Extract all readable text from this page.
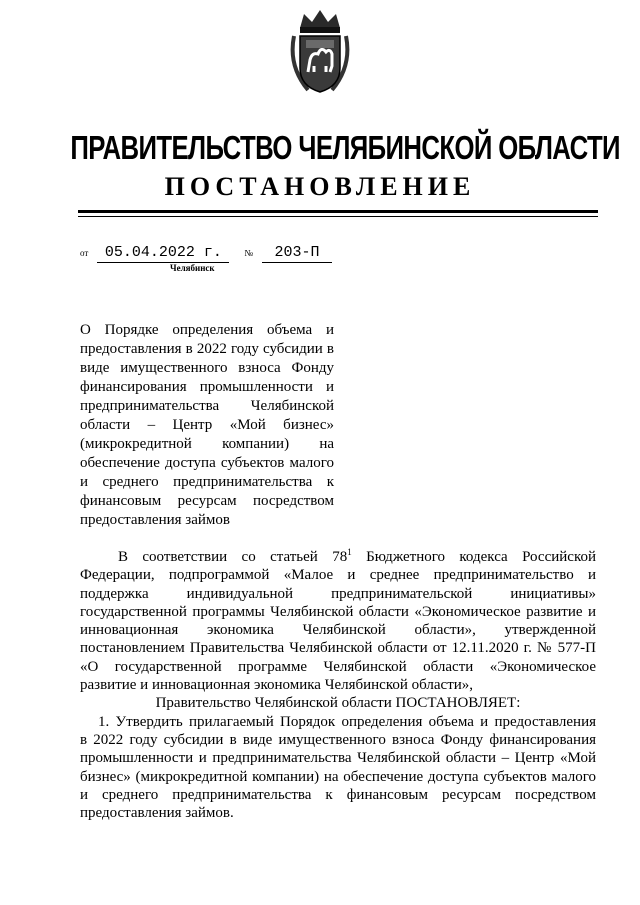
ПРАВИТЕЛЬСТВО ЧЕЛЯБИНСКОЙ ОБЛАСТИ
ПОСТАНОВЛЕНИЕ
от 05.04.2022 г.	№ 203-П
Челябинск
О Порядке определения объема и
предоставления в 2022 году субсидии в
виде имущественного взноса Фонду
финансирования промышленности и
предпринимательства Челябинской
области – Центр «Мой бизнес»
(микрокредитной компании) на
обеспечение доступа субъектов малого
и среднего предпринимательства к
финансовым ресурсам посредством
предоставления займов
В соответствии со статьей $78^1$ Бюджетного кодекса Российской
Федерации, подпрограммой «Малое и среднее предпринимательство и
поддержка индивидуальной предпринимательской инициативы»
государственной программы Челябинской области «Экономическое развитие и
инновационная экономика Челябинской области», утвержденной
постановлением Правительства Челябинской области от 12.11.2020 г. № 577-П
«О государственной программе Челябинской области «Экономическое
развитие и инновационная экономика Челябинской области»,
Правительство Челябинской области ПОСТАНОВЛЯЕТ:
1. Утвердить прилагаемый Порядок определения объема и предоставления
в 2022 году субсидии в виде имущественного взноса Фонду финансирования
промышленности и предпринимательства Челябинской области – Центр «Мой
бизнес» (микрокредитной компании) на обеспечение доступа субъектов малого
и среднего предпринимательства к финансовым ресурсам посредством
предоставления займов.
